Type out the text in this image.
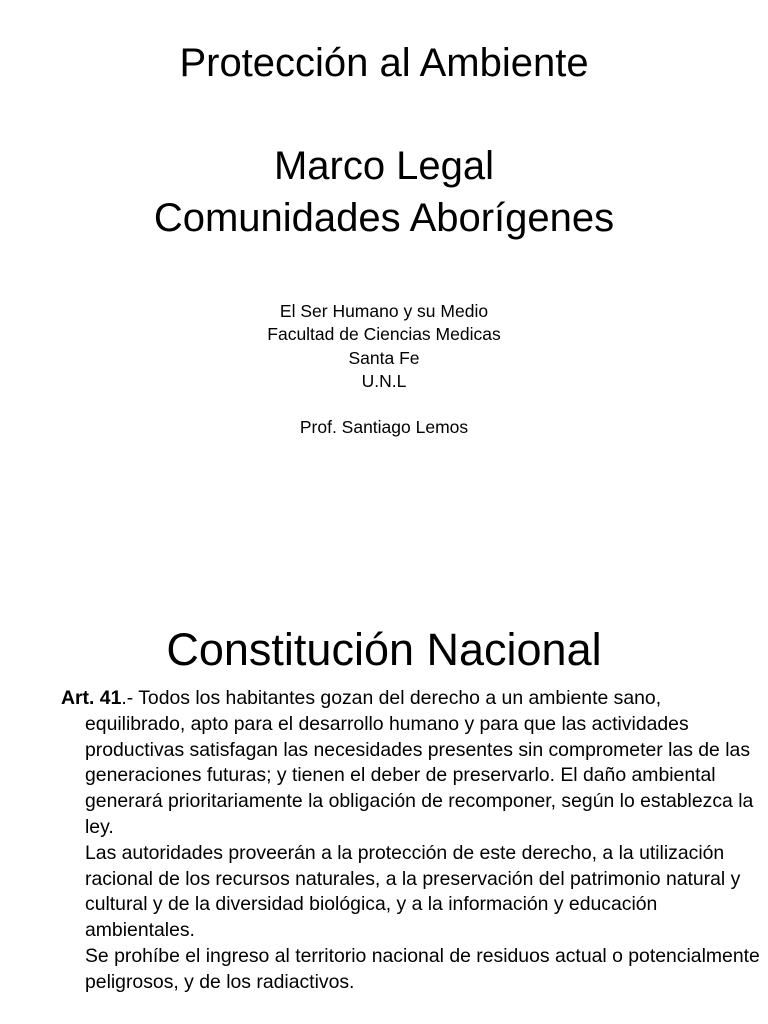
Protección al Ambiente
Marco Legal
Comunidades Aborígenes
El Ser Humano y su Medio
Facultad de Ciencias Medicas
Santa Fe
U.N.L
Prof. Santiago Lemos
Constitución Nacional

Art. 41.- Todos los habitantes gozan del derecho a un ambiente sano, equilibrado, apto para el desarrollo humano y para que las actividades productivas satisfagan las necesidades presentes sin comprometer las de las generaciones futuras; y tienen el deber de preservarlo. El daño ambiental generará prioritariamente la obligación de recomponer, según lo establezca la ley.

Las autoridades proveerán a la protección de este derecho, a la utilización racional de los recursos naturales, a la preservación del patrimonio natural y cultural y de la diversidad biológica, y a la información y educación ambientales.

Se prohíbe el ingreso al territorio nacional de residuos actual o potencialmente peligrosos, y de los radiactivos.
